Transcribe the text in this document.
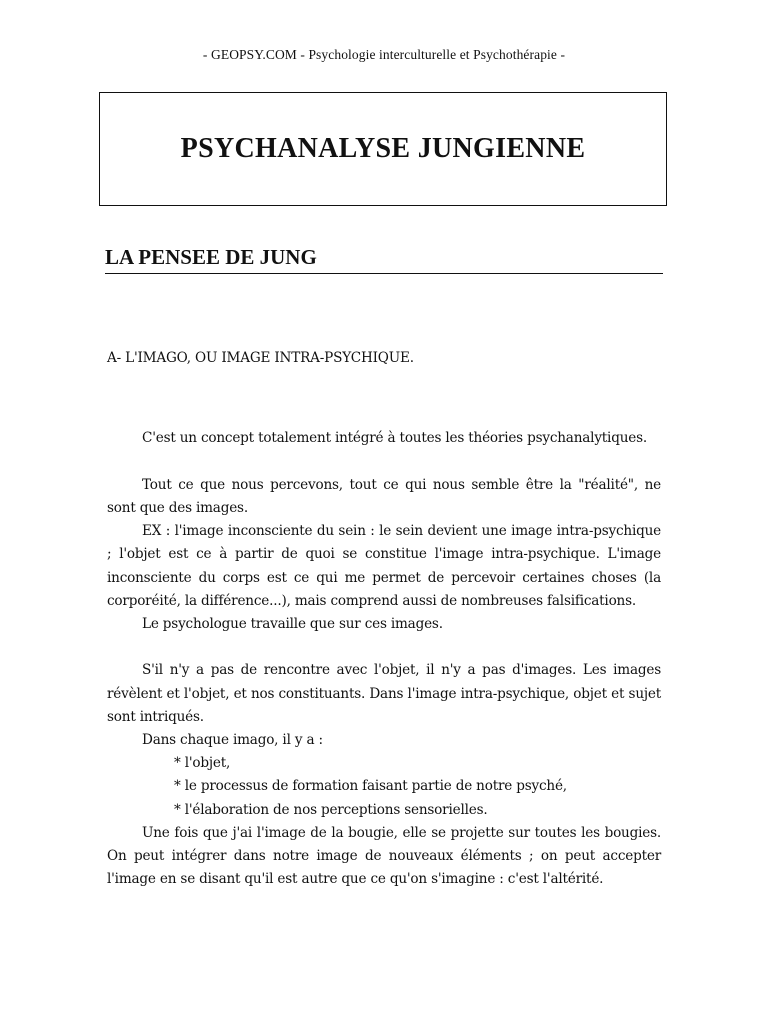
- GEOPSY.COM - Psychologie interculturelle et Psychothérapie -
PSYCHANALYSE JUNGIENNE
LA PENSEE DE JUNG

A- L'IMAGO, OU IMAGE INTRA-PSYCHIQUE.

C'est un concept totalement intégré à toutes les théories psychanalytiques.

Tout ce que nous percevons, tout ce qui nous semble être la "réalité", ne sont que des images.

EX : l'image inconsciente du sein : le sein devient une image intra-psychique ; l'objet est ce à partir de quoi se constitue l'image intra-psychique. L'image inconsciente du corps est ce qui me permet de percevoir certaines choses (la corporéité, la différence...), mais comprend aussi de nombreuses falsifications.

Le psychologue travaille que sur ces images.

S'il n'y a pas de rencontre avec l'objet, il n'y a pas d'images. Les images révèlent et l'objet, et nos constituants. Dans l'image intra-psychique, objet et sujet sont intriqués.

Dans chaque imago, il y a :

* l'objet,

* le processus de formation faisant partie de notre psyché,

* l'élaboration de nos perceptions sensorielles.

Une fois que j'ai l'image de la bougie, elle se projette sur toutes les bougies. On peut intégrer dans notre image de nouveaux éléments ; on peut accepter l'image en se disant qu'il est autre que ce qu'on s'imagine : c'est l'altérité.
